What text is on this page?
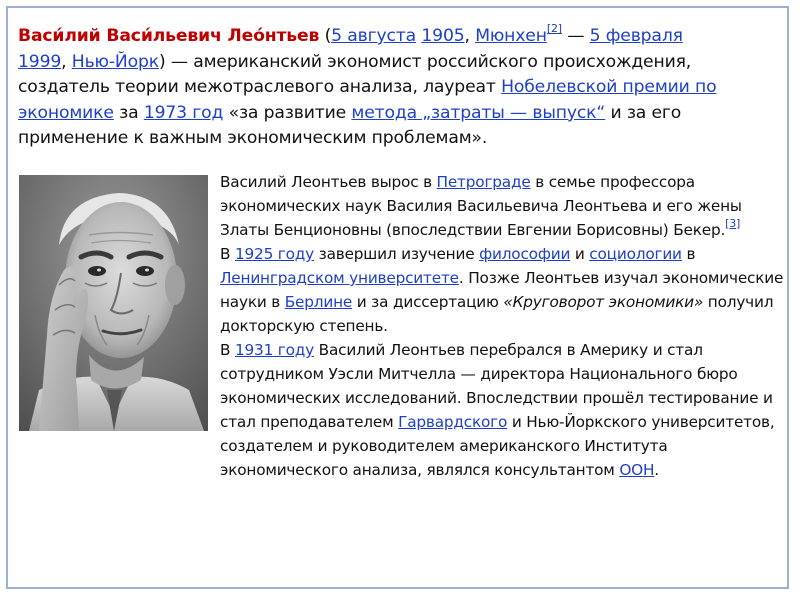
Васи́лий Васи́льевич Лео́нтьев (5 августа 1905, Мюнхен[2] — 5 февраля
1999, Нью-Йорк) — американский экономист российского происхождения, создатель теории межотраслевого анализа, лауреат Нобелевской премии по экономике за 1973 год «за развитие метода „затраты — выпуск“ и за его применение к важным экономическим проблемам».

Василий Леонтьев вырос в Петрограде в семье профессора экономических наук Василия Васильевича Леонтьева и его жены Златы Бенционовны (впоследствии Евгении Борисовны) Бекер.[3]

В 1925 году завершил изучение философии и социологии в Ленинградском университете. Позже Леонтьев изучал экономические науки в Берлине и за диссертацию «Круговорот экономики» получил докторскую степень.

В 1931 году Василий Леонтьев перебрался в Америку и стал сотрудником Уэсли Митчелла — директора Национального бюро экономических исследований. Впоследствии прошёл тестирование и стал преподавателем Гарвардского и Нью-Йоркского университетов, создателем и руководителем американского Института экономического анализа, являлся консультантом ООН.
